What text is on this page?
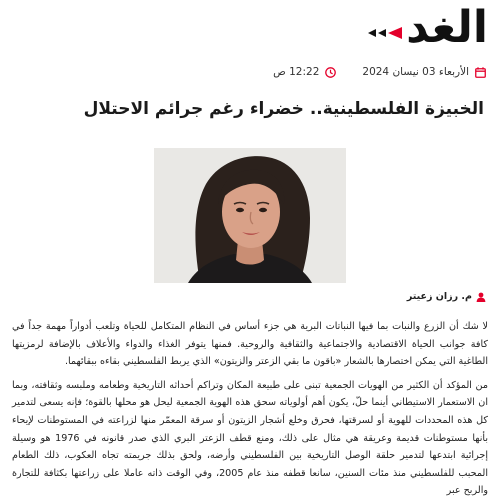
الغد
الأربعاء 03 نيسان 2024
12:22 ص
الخبيزة الفلسطينية.. خضراء رغم جرائم الاحتلال
م. رزان زعيتر

لا شك أن الزرع والنبات بما فيها النباتات البرية هي جزء أساس في النظام المتكامل للحياة وتلعب أدواراً مهمة جداً في كافة جوانب الحياة الاقتصادية والاجتماعية والثقافية والروحية. فمنها يتوفر الغذاء والدواء والأعلاف بالإضافة لرمزيتها الطاغية التي يمكن اختصارها بالشعار «باقون ما بقي الزعتر والزيتون» الذي يربط الفلسطيني بقاءه ببقائهما.

من المؤكد أن الكثير من الهويات الجمعية تبنى على طبيعة المكان وتراكم أحداثه التاريخية وطعامه وملبسه وثقافته، وبما ان الاستعمار الاستيطاني أينما حلّ، يكون أهم أولوياته سحق هذه الهوية الجمعية ليحل هو محلها بالقوة؛ فإنه يسعى لتدمير كل هذه المحددات للهوية أو لسرقتها، فحرق وخلع أشجار الزيتون أو سرقة المعمّر منها لزراعته في المستوطنات لإيحاء بأنها مستوطنات قديمة وعريقة هي مثال على ذلك، ومنع قطف الزعتر البري الذي صدر قانونه في 1976 هو وسيلة إجرائية ابتدعها لتدمير حلقة الوصل التاريخية بين الفلسطيني وأرضه، ولحق بذلك جريمته تجاه العكوب، ذلك الطعام المحبب للفلسطيني منذ مئات السنين، سانعا قطفه منذ عام 2005، وفي الوقت ذاته عاملا على زراعتها بكثافة للتجارة والربح عبر
